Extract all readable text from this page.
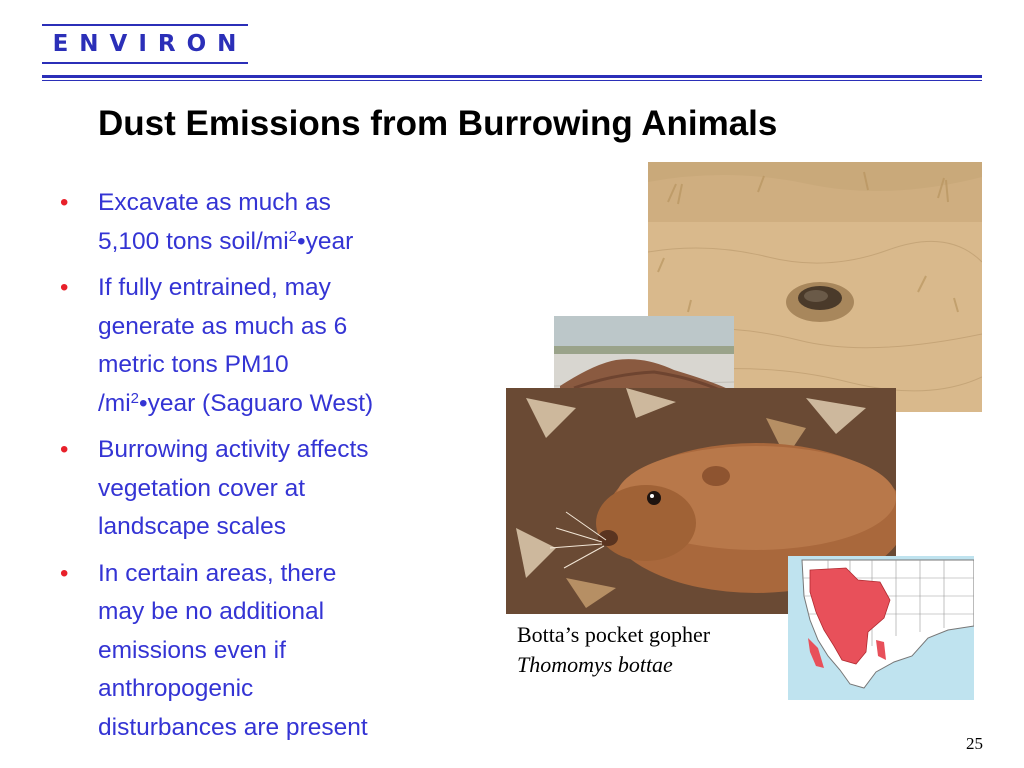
ENVIRON
Dust Emissions from Burrowing Animals
• Excavate as much as
5,100 tons soil/$mi^2•year$
• If fully entrained, may
generate as much as 6
metric tons PM10
$/mi^2•year$ (Saguaro West)
• Burrowing activity affects
vegetation cover at
landscape scales
• In certain areas, there
may be no additional
emissions even if
anthropogenic
disturbances are present
Botta’s pocket gopher
Thomomys bottae
25
